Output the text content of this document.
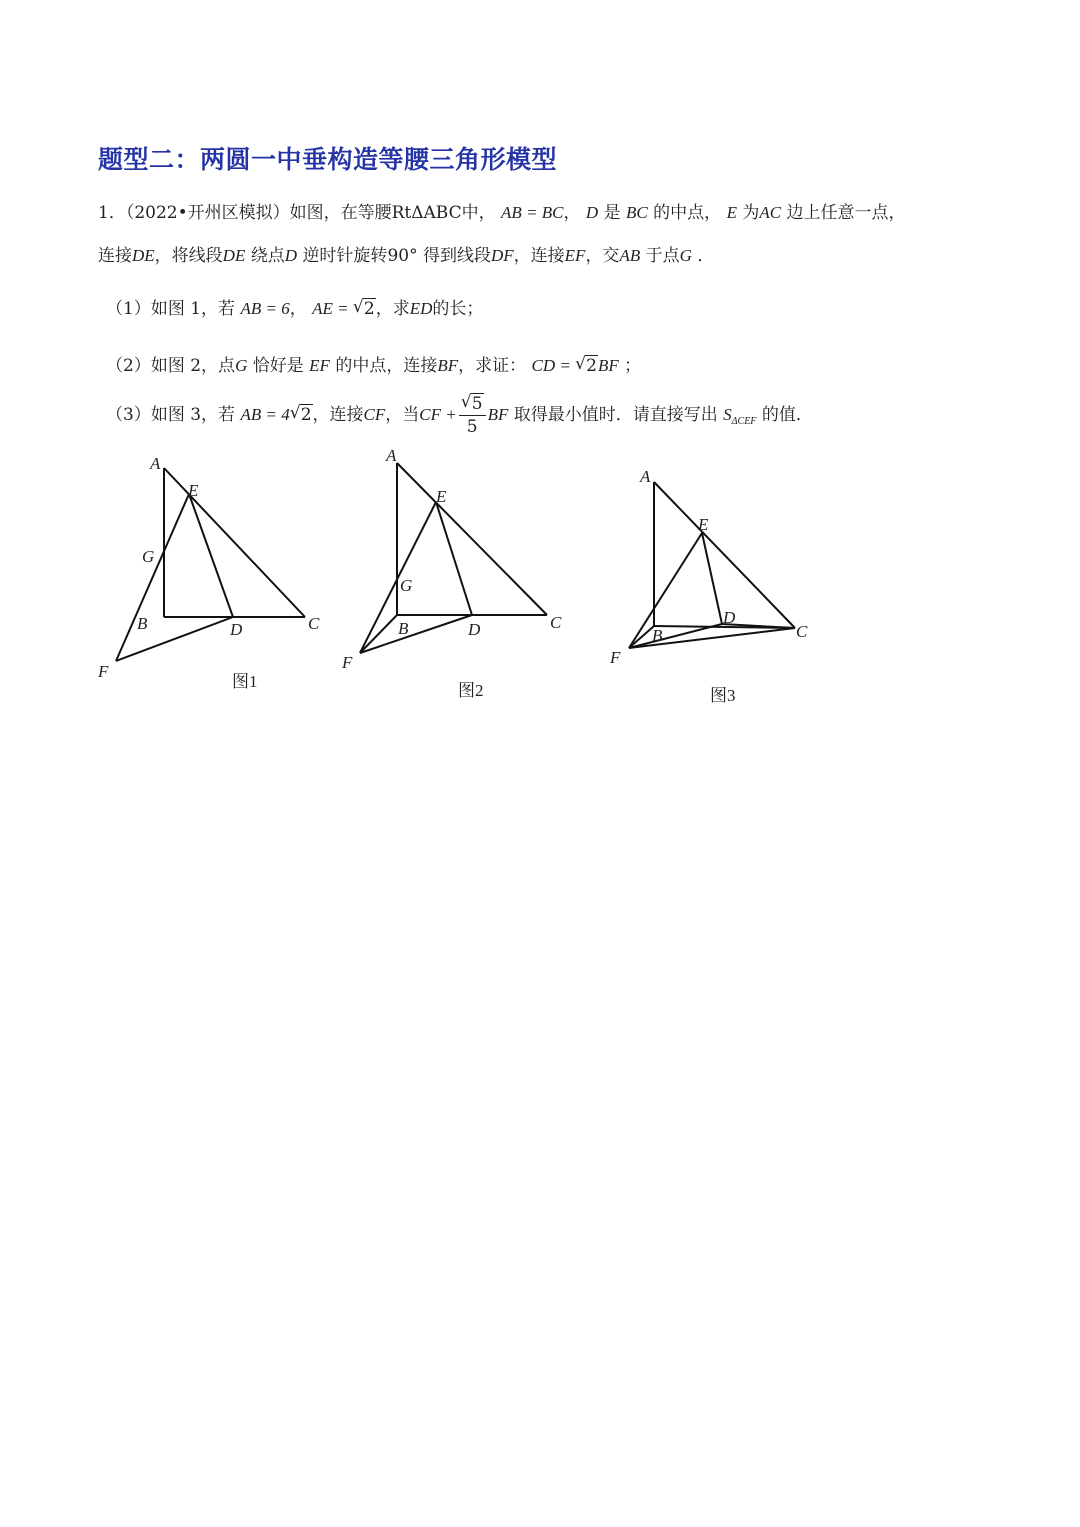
题型二：两圆一中垂构造等腰三角形模型
1．（2022•开州区模拟）如图，在等腰RtΔABC中， AB = BC， D 是 BC 的中点， E 为AC 边上任意一点，
连接DE，将线段DE 绕点D 逆时针旋转90° 得到线段DF，连接EF，交AB 于点G ．
（1）如图 1，若 AB = 6， AE = √ 2，求ED的长；
（2）如图 2，点G 恰好是 EF 的中点，连接BF，求证： CD = √ 2BF ；
（3）如图 3，若 AB = 4 √ 2，连接CF，当CF + $\frac{√ 5}{5}$ BF 取得最小值时．请直接写出 $S_{\Delta CEF}$ 的值．
A
E
G
B	D	C
F
图1
A
E
G
B	D	C
F
图2
A
E
B
D
C
F
图3
